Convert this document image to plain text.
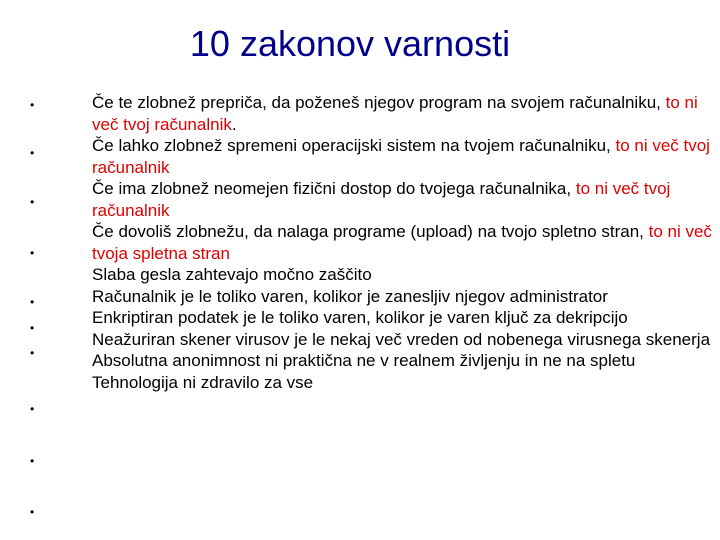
10 zakonov varnosti
•
•
•
•
•
•
•
•
•
•
Če te zlobnež prepriča, da poženeš njegov program na svojem računalniku, to ni več tvoj računalnik.
Če lahko zlobnež spremeni operacijski sistem na tvojem računalniku, to ni več tvoj računalnik
Če ima zlobnež neomejen fizični dostop do tvojega računalnika, to ni več tvoj računalnik
Če dovoliš zlobnežu, da nalaga programe (upload) na tvojo spletno stran, to ni več tvoja spletna stran
Slaba gesla zahtevajo močno zaščito
Računalnik je le toliko varen, kolikor je zanesljiv njegov administrator
Enkriptiran podatek je le toliko varen, kolikor je varen ključ za dekripcijo
Neažuriran skener virusov je le nekaj več vreden od nobenega virusnega skenerja
Absolutna anonimnost ni praktična ne v realnem življenju in ne na spletu
Tehnologija ni zdravilo za vse
